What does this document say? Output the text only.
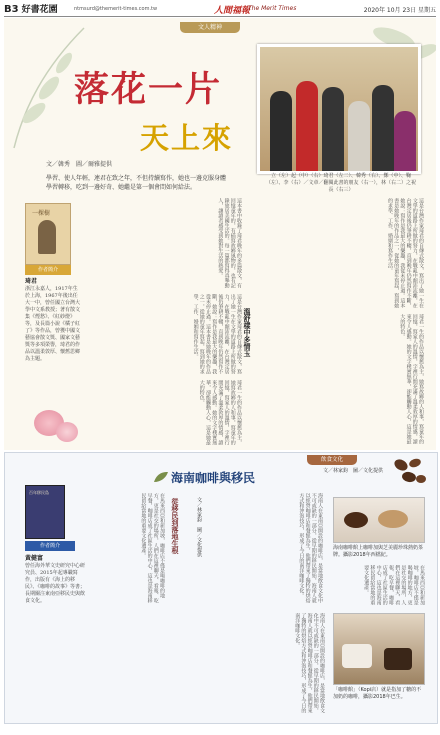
B3 好書花園	ntmsurd@themerit-times.com.tw	人間福報
The Merit Times	2020年 10月 23日 星期五
文人精神
落花一片
天上來
文／韓秀　圖／爾雅提供
學習、使人年輕，連君在致之年，不但持續寫作，她也一邊克服身體學習轉移，吃到一邊好奇、她繼是第一個會問如何給法。
立（左）起（中）（右）琦君（左二）、韓秀（右）、鄭（中）、鞠（左）、李（右）／文章／翻閱此書的朋友（右一），林（右二）之祝長（右三）
這是台灣作家琦君的自傳式散文，寫出了她一生在文學的道路上所做的努力，在戰亂中顛沛流離，在台灣定居後仍筆耕不輟，直到晚年仍然寫作不斷，她說：寫作是我最大的樂趣，我從未停止過。這本書是她晚年的作品之一，從她的童年寫起，寫到她的求學、工作、婚姻和寫作生活。
琦君一生的作品以懷舊為主，她寫故鄉的人和事，寫童年的回憶，寫家人的溫情，字裡行間充滿了溫柔敦厚的情感，讀來令人感動。她的文字樸實無華，卻能觸動人心，這是她最大的特色。
溫舒樣中多情玉
這本書中收錄了琦君晚年的多篇散文，有回憶童年的，有描寫故鄉風物的，也有記錄旅居美國生活的。每一篇都寫得真摯動人，讓讀者感受到她對生活的熱愛。
這是台灣作家琦君的自傳式散文，寫出了她一生在文學的道路上所做的努力，在戰亂中顛沛流離，在台灣定居後仍筆耕不輟，直到晚年仍然寫作不斷，她說：寫作是我最大的樂趣，我從未停止過。這本書是她晚年的作品之一，從她的童年寫起，寫到她的求學、工作、婚姻和寫作生活。
琦君一生的作品以懷舊為主，她寫故鄉的人和事，寫童年的回憶，寫家人的溫情，字裡行間充滿了溫柔敦厚的情感，讀來令人感動。她的文字樸實無華，卻能觸動人心，這是她最大的特色。
一棵樹
作者簡介
琦君
浙江永嘉人，1917年生於上海，1967年後出任大一中，曾任國立台灣大學中文系教授；著有散文集《煙愁》、《紅紗燈》等，及長篇小說《橘子紅了》等作品，曾獲中國文藝協會散文獎、國家文藝獎等多項榮譽，琦君的作品以溫柔敦厚、懷舊思鄉為主題。
飲食文化
文／林家鈞　圖／文化提供
海南咖啡與移民
從移民到落地生根	文／林家鈞　圖／文化提供
百年移民島
作者簡介
黃健富
曾任海外華文史研究中心研究員、2015年起專職寫作，出版有《海上的移民》、《咖啡的故事》等書；長期關注東南亞移民史與飲食文化。	海南人在東南亞開設的咖啡店，是當地飲食文化中不可或缺的一部分，從早期的移民開始，海南人就以經營咖啡店和餐館為生，他們帶來了獨特的烘焙方式和沖泡技巧，形成了今日的南洋咖啡文化。
在馬來西亞和新加坡，咖啡店不僅是喝咖啡的地方，更是社交的場所，人們在這裡聊天、看報、吃早餐，咖啡店成了社區生活的中心，這也是海南移民留給當地的重要文化遺產。
海南人在東南亞開設的咖啡店，是當地飲食文化中不可或缺的一部分，從早期的移民開始，海南人就以經營咖啡店和餐館為生，他們帶來了獨特的烘焙方式和沖泡技巧，形成了今日的南洋咖啡文化。
海南咖啡館上咖啡加與芝美麗珍珠熱奶茶牌。攝影2018年西檔紀。
在馬來西亞和新加坡，咖啡店不僅是喝咖啡的地方，更是社交的場所，人們在這裡聊天、看報、吃早餐，咖啡店成了社區生活的中心，這也是海南移民留給當地的重要文化遺產。
「咖啡館」（Kopi店）就是指加了糖的不加奶的咖啡，攝影2018年巴生。
